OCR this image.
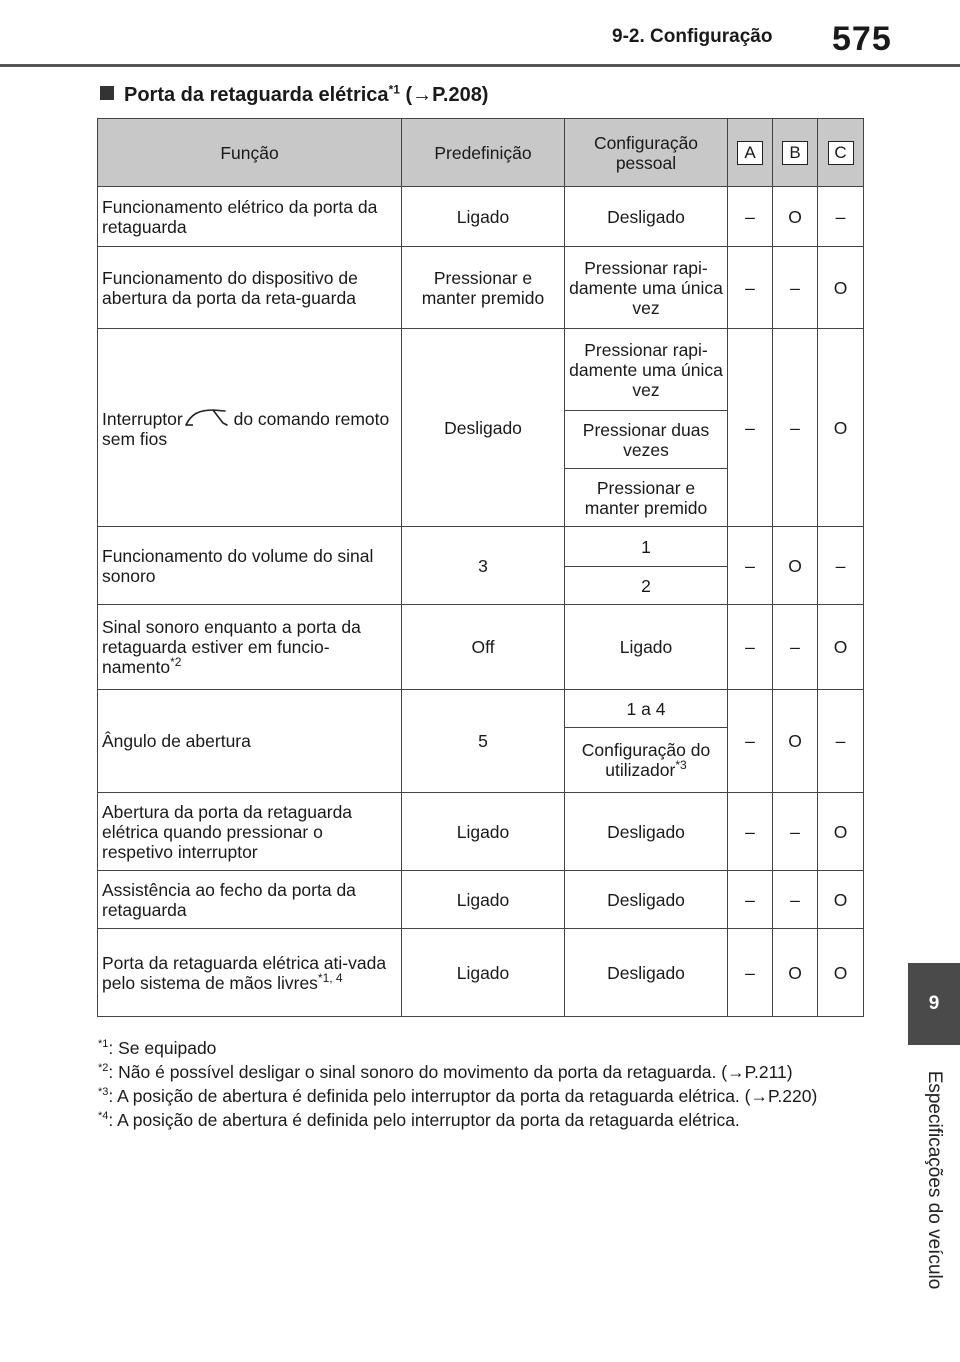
9-2. Configuração 575
9
Especificações do veículo
Porta da retaguarda elétrica$^{*1}$ (→P.208)
Função	Predefinição	Configuração pessoal	A	B	C
Funcionamento elétrico da porta da retaguarda	Ligado	Desligado	–	O	–
Funcionamento do dispositivo de abertura da porta da reta-guarda	Pressionar e manter premido	Pressionar rapi-damente uma única vez	–	–	O
Interruptor do comando remoto sem fios	Desligado	Pressionar rapi-damente uma única vez	–	–	O
		Pressionar duas vezes			
		Pressionar e manter premido			
Funcionamento do volume do sinal sonoro	3	1	–	O	–
		2			
Sinal sonoro enquanto a porta da retaguarda estiver em funcio-namento$^{*2}$	Off	Ligado	–	–	O
Ângulo de abertura	5	1 a 4	–	O	–
		Configuração do utilizador$^{*3}$
Abertura da porta da retaguarda elétrica quando pressionar o respetivo interruptor	Ligado	Desligado	–	–	O
Assistência ao fecho da porta da retaguarda	Ligado	Desligado	–	–	O
Porta da retaguarda elétrica ati-vada pelo sistema de mãos livres$^{*1, 4}$	Ligado	Desligado	–	O	O
$^{*1}$: Se equipado
$^{*2}$: Não é possível desligar o sinal sonoro do movimento da porta da retaguarda. (→P.211)
$^{*3}$: A posição de abertura é definida pelo interruptor da porta da retaguarda elétrica. (→P.220)
$^{*4}$: A posição de abertura é definida pelo interruptor da porta da retaguarda elétrica.
